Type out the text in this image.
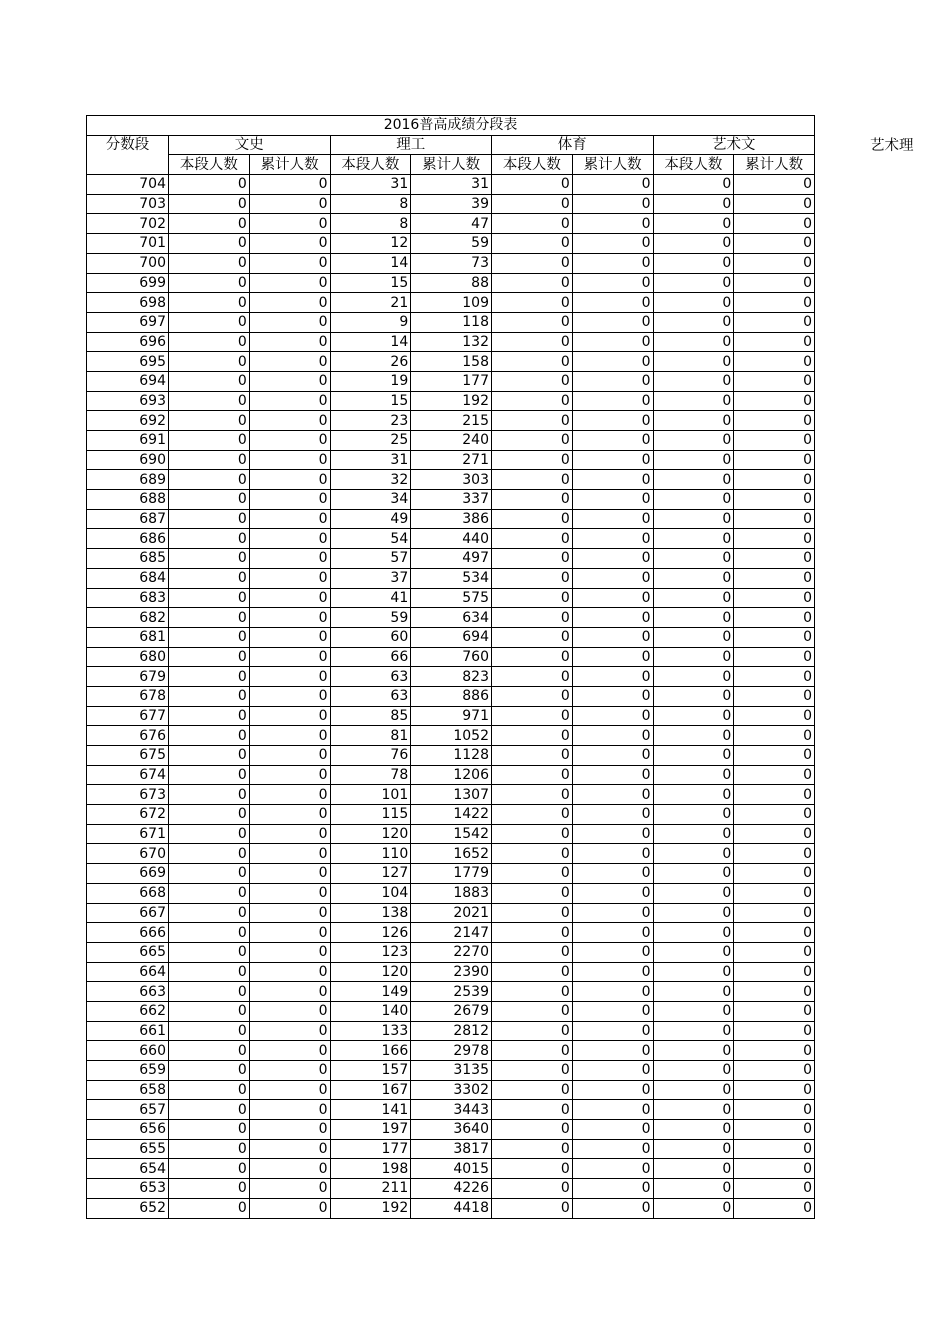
2016普高成绩分段表								
分数段	文史		理工		体育		艺术文	
	本段人数	累计人数	本段人数	累计人数	本段人数	累计人数	本段人数	累计人数
704	0	0	31	31	0	0	0	0
703	0	0	8	39	0	0	0	0
702	0	0	8	47	0	0	0	0
701	0	0	12	59	0	0	0	0
700	0	0	14	73	0	0	0	0
699	0	0	15	88	0	0	0	0
698	0	0	21	109	0	0	0	0
697	0	0	9	118	0	0	0	0
696	0	0	14	132	0	0	0	0
695	0	0	26	158	0	0	0	0
694	0	0	19	177	0	0	0	0
693	0	0	15	192	0	0	0	0
692	0	0	23	215	0	0	0	0
691	0	0	25	240	0	0	0	0
690	0	0	31	271	0	0	0	0
689	0	0	32	303	0	0	0	0
688	0	0	34	337	0	0	0	0
687	0	0	49	386	0	0	0	0
686	0	0	54	440	0	0	0	0
685	0	0	57	497	0	0	0	0
684	0	0	37	534	0	0	0	0
683	0	0	41	575	0	0	0	0
682	0	0	59	634	0	0	0	0
681	0	0	60	694	0	0	0	0
680	0	0	66	760	0	0	0	0
679	0	0	63	823	0	0	0	0
678	0	0	63	886	0	0	0	0
677	0	0	85	971	0	0	0	0
676	0	0	81	1052	0	0	0	0
675	0	0	76	1128	0	0	0	0
674	0	0	78	1206	0	0	0	0
673	0	0	101	1307	0	0	0	0
672	0	0	115	1422	0	0	0	0
671	0	0	120	1542	0	0	0	0
670	0	0	110	1652	0	0	0	0
669	0	0	127	1779	0	0	0	0
668	0	0	104	1883	0	0	0	0
667	0	0	138	2021	0	0	0	0
666	0	0	126	2147	0	0	0	0
665	0	0	123	2270	0	0	0	0
664	0	0	120	2390	0	0	0	0
663	0	0	149	2539	0	0	0	0
662	0	0	140	2679	0	0	0	0
661	0	0	133	2812	0	0	0	0
660	0	0	166	2978	0	0	0	0
659	0	0	157	3135	0	0	0	0
658	0	0	167	3302	0	0	0	0
657	0	0	141	3443	0	0	0	0
656	0	0	197	3640	0	0	0	0
655	0	0	177	3817	0	0	0	0
654	0	0	198	4015	0	0	0	0
653	0	0	211	4226	0	0	0	0
652	0	0	192	4418	0	0	0	0
艺术理
